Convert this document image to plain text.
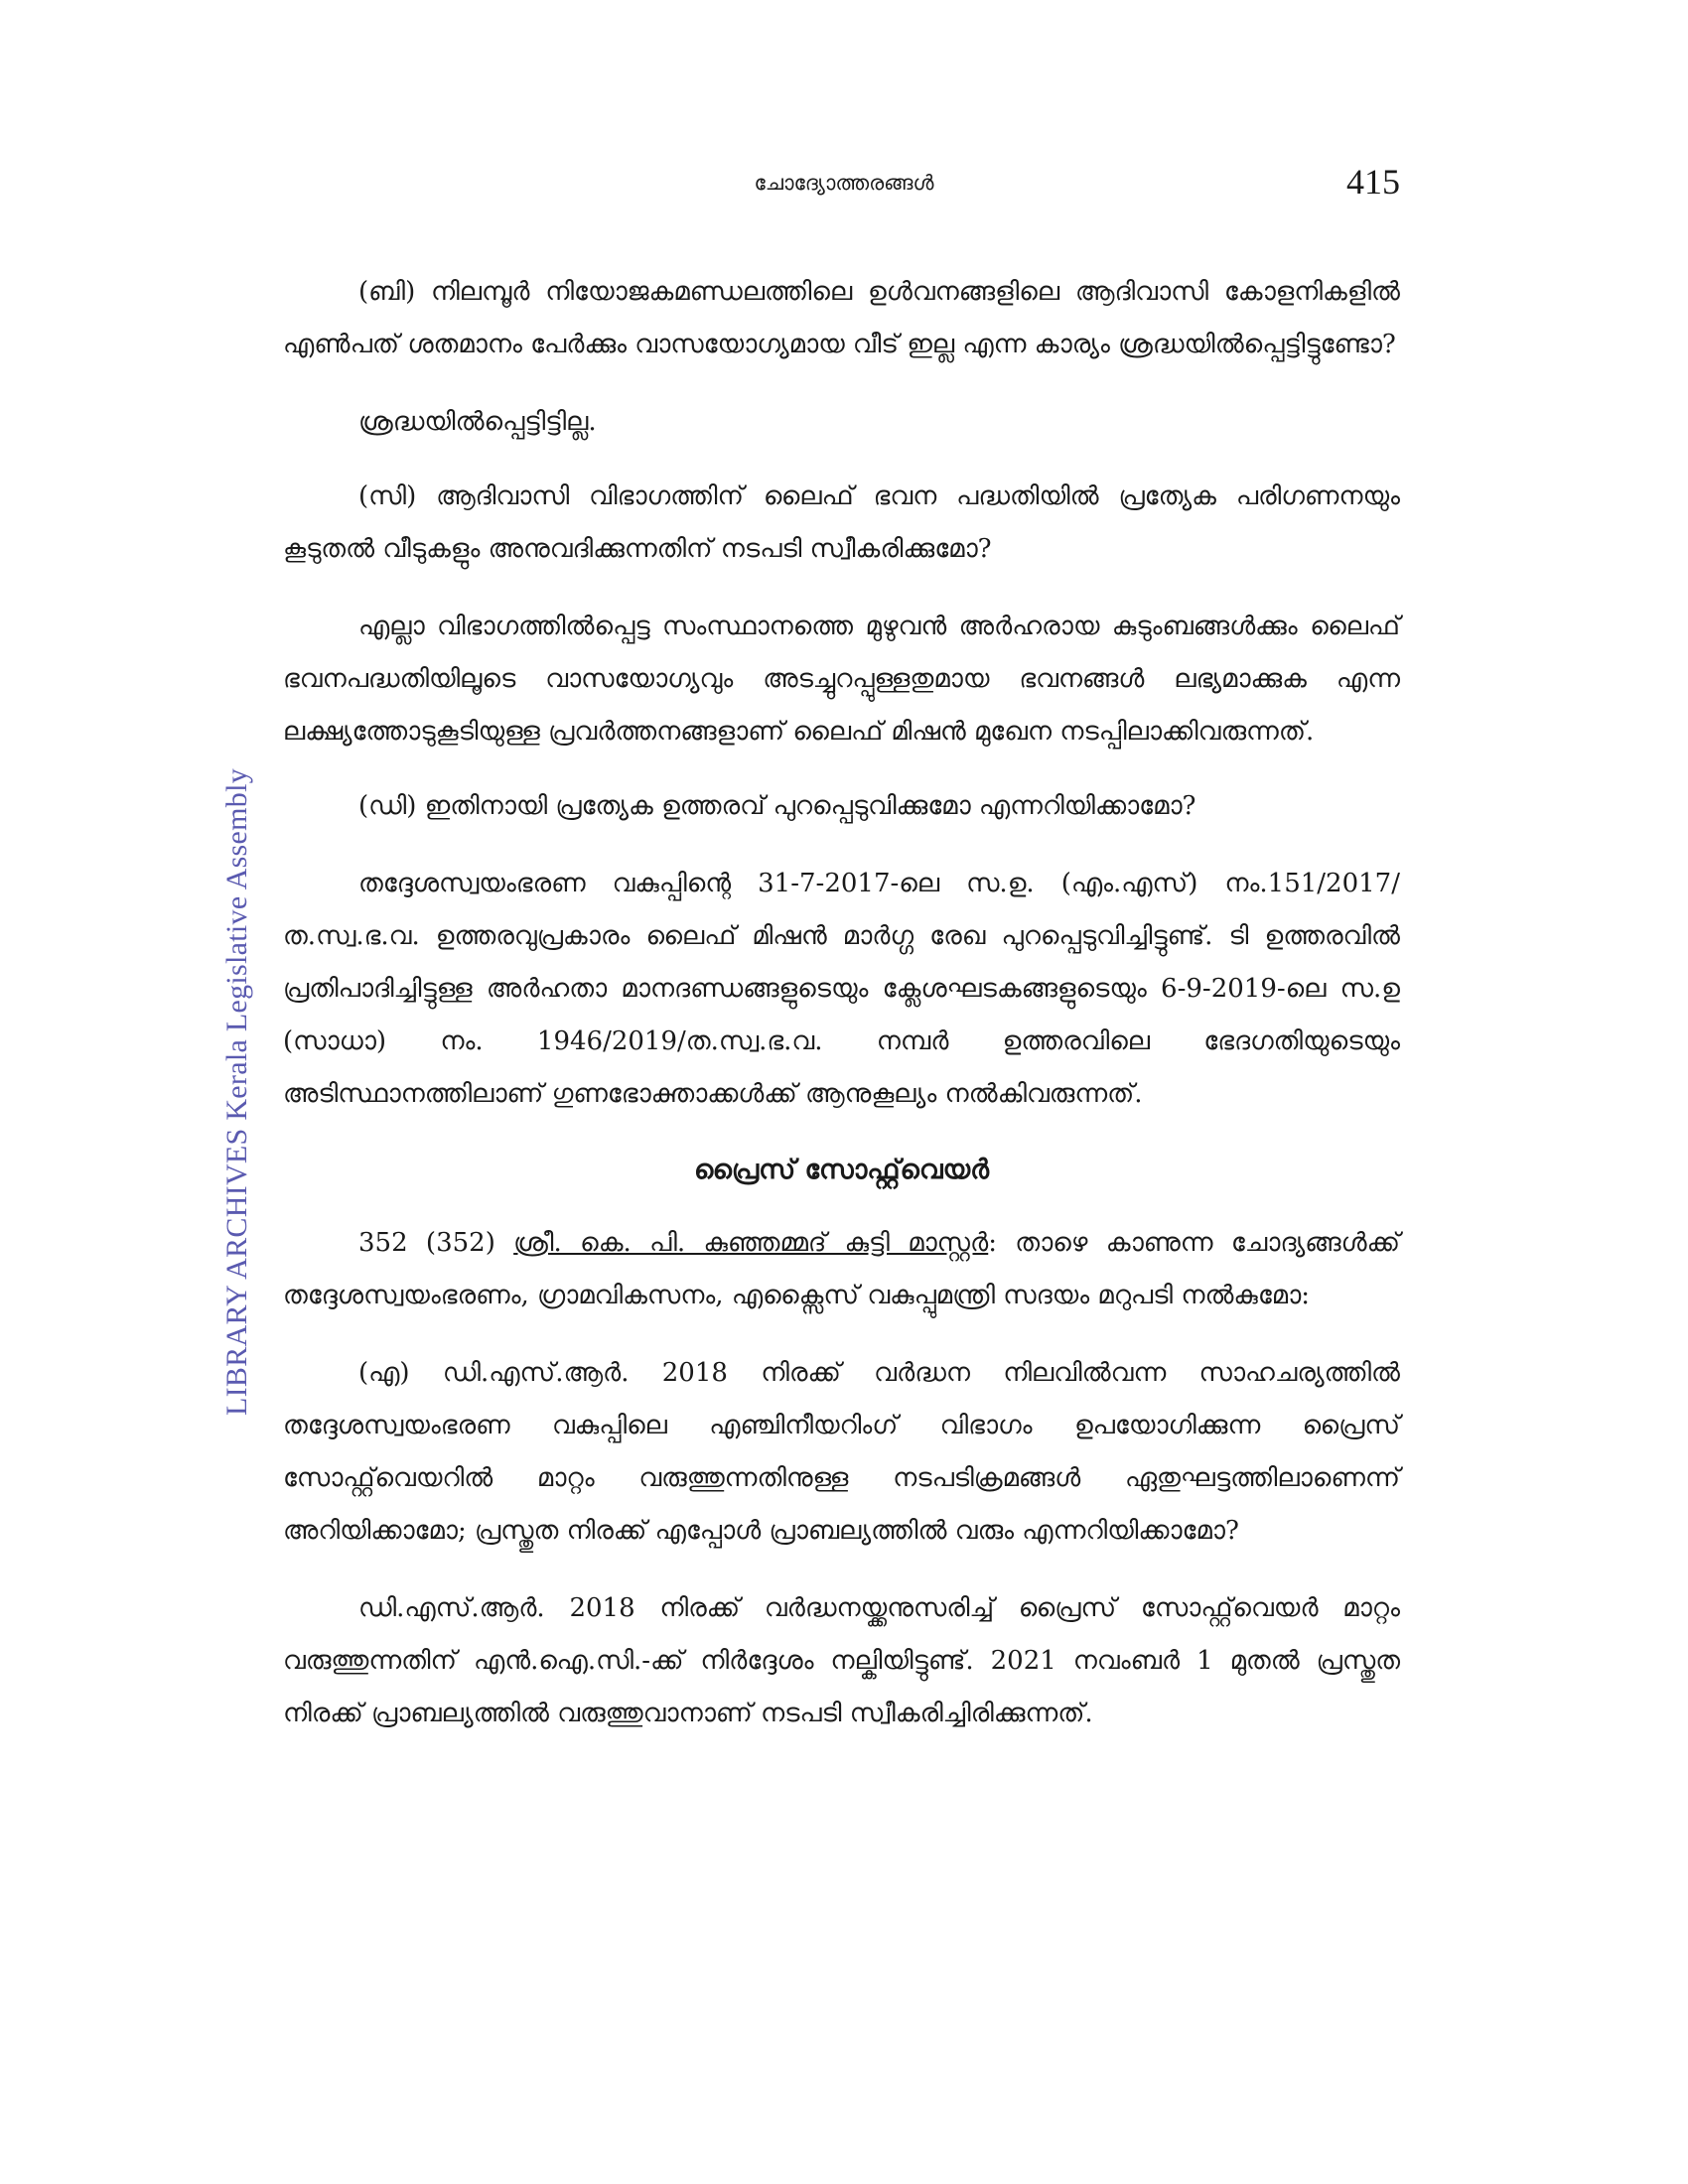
ചോദ്യോത്തരങ്ങൾ	415
LIBRARY ARCHIVES Kerala Legislative Assembly

(ബി) നിലമ്പൂർ നിയോജകമണ്ഡലത്തിലെ ഉൾവനങ്ങളിലെ ആദിവാസി കോളനികളിൽ എൺപത് ശതമാനം പേർക്കും വാസയോഗ്യമായ വീട് ഇല്ല എന്ന കാര്യം ശ്രദ്ധയിൽപ്പെട്ടിട്ടുണ്ടോ?

ശ്രദ്ധയിൽപ്പെട്ടിട്ടില്ല.

(സി) ആദിവാസി വിഭാഗത്തിന് ലൈഫ് ഭവന പദ്ധതിയിൽ പ്രത്യേക പരിഗണനയും കൂടുതൽ വീടുകളും അനുവദിക്കുന്നതിന് നടപടി സ്വീകരിക്കുമോ?

എല്ലാ വിഭാഗത്തിൽപ്പെട്ട സംസ്ഥാനത്തെ മുഴുവൻ അർഹരായ കുടുംബങ്ങൾക്കും ലൈഫ് ഭവനപദ്ധതിയിലൂടെ വാസയോഗ്യവും അടച്ചുറപ്പുള്ളതുമായ ഭവനങ്ങൾ ലഭ്യമാക്കുക എന്ന ലക്ഷ്യത്തോടുകൂടിയുള്ള പ്രവർത്തനങ്ങളാണ് ലൈഫ് മിഷൻ മുഖേന നടപ്പിലാക്കിവരുന്നത്.

(ഡി) ഇതിനായി പ്രത്യേക ഉത്തരവ് പുറപ്പെടുവിക്കുമോ എന്നറിയിക്കാമോ?

തദ്ദേശസ്വയംഭരണ വകുപ്പിന്റെ 31-7-2017-ലെ സ.ഉ. (എം.എസ്) നം.151/2017/ത.സ്വ.ഭ.വ. ഉത്തരവുപ്രകാരം ലൈഫ് മിഷൻ മാർഗ്ഗ രേഖ പുറപ്പെടുവിച്ചിട്ടുണ്ട്. ടി ഉത്തരവിൽ പ്രതിപാദിച്ചിട്ടുള്ള അർഹതാ മാനദണ്ഡങ്ങളുടെയും ക്ലേശഘടകങ്ങളുടെയും 6-9-2019-ലെ സ.ഉ (സാധാ) നം. 1946/2019/ത.സ്വ.ഭ.വ. നമ്പർ ഉത്തരവിലെ ഭേദഗതിയുടെയും അടിസ്ഥാനത്തിലാണ് ഗുണഭോക്താക്കൾക്ക് ആനുകൂല്യം നൽകിവരുന്നത്.

പ്രൈസ് സോഫ്റ്റ്‌വെയർ

352 (352) ശ്രീ. കെ. പി. കുഞ്ഞമ്മദ് കുട്ടി മാസ്റ്റർ: താഴെ കാണുന്ന ചോദ്യങ്ങൾക്ക് തദ്ദേശസ്വയംഭരണം, ഗ്രാമവികസനം, എക്സൈസ് വകുപ്പുമന്ത്രി സദയം മറുപടി നൽകുമോ:

(എ) ഡി.എസ്.ആർ. 2018 നിരക്ക് വർദ്ധന നിലവിൽവന്ന സാഹചര്യത്തിൽ തദ്ദേശസ്വയംഭരണ വകുപ്പിലെ എഞ്ചിനീയറിംഗ് വിഭാഗം ഉപയോഗിക്കുന്ന പ്രൈസ് സോഫ്റ്റ്‌വെയറിൽ മാറ്റം വരുത്തുന്നതിനുള്ള നടപടിക്രമങ്ങൾ ഏതുഘട്ടത്തിലാണെന്ന് അറിയിക്കാമോ; പ്രസ്തുത നിരക്ക് എപ്പോൾ പ്രാബല്യത്തിൽ വരും എന്നറിയിക്കാമോ?

ഡി.എസ്.ആർ. 2018 നിരക്ക് വർദ്ധനയ്ക്കനുസരിച്ച് പ്രൈസ് സോഫ്റ്റ്‌വെയർ മാറ്റം വരുത്തുന്നതിന് എൻ.ഐ.സി.-ക്ക് നിർദ്ദേശം നല്കിയിട്ടുണ്ട്. 2021 നവംബർ 1 മുതൽ പ്രസ്തുത നിരക്ക് പ്രാബല്യത്തിൽ വരുത്തുവാനാണ് നടപടി സ്വീകരിച്ചിരിക്കുന്നത്.
